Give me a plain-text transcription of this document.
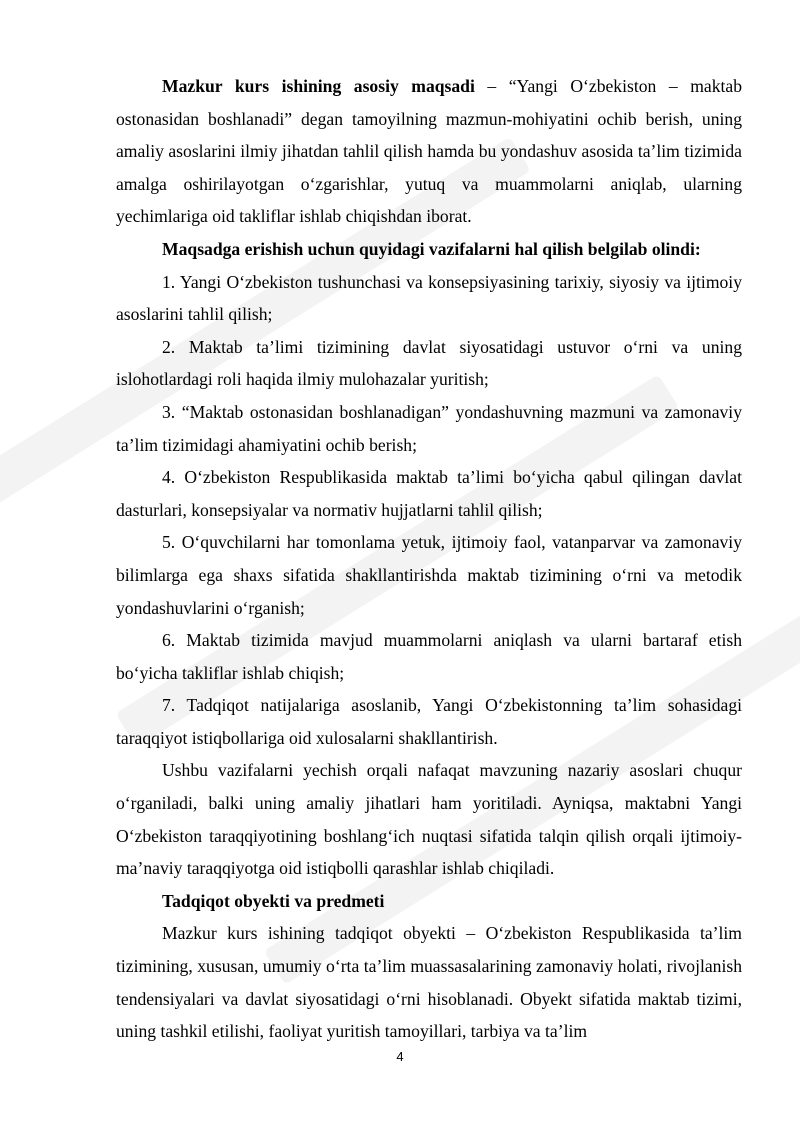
Mazkur kurs ishining asosiy maqsadi – “Yangi O‘zbekiston – maktab ostonasidan boshlanadi” degan tamoyilning mazmun-mohiyatini ochib berish, uning amaliy asoslarini ilmiy jihatdan tahlil qilish hamda bu yondashuv asosida ta’lim tizimida amalga oshirilayotgan o‘zgarishlar, yutuq va muammolarni aniqlab, ularning yechimlariga oid takliflar ishlab chiqishdan iborat.

Maqsadga erishish uchun quyidagi vazifalarni hal qilish belgilab olindi:

1. Yangi O‘zbekiston tushunchasi va konsepsiyasining tarixiy, siyosiy va ijtimoiy asoslarini tahlil qilish;

2. Maktab ta’limi tizimining davlat siyosatidagi ustuvor o‘rni va uning islohotlardagi roli haqida ilmiy mulohazalar yuritish;

3. “Maktab ostonasidan boshlanadigan” yondashuvning mazmuni va zamonaviy ta’lim tizimidagi ahamiyatini ochib berish;

4. O‘zbekiston Respublikasida maktab ta’limi bo‘yicha qabul qilingan davlat dasturlari, konsepsiyalar va normativ hujjatlarni tahlil qilish;

5. O‘quvchilarni har tomonlama yetuk, ijtimoiy faol, vatanparvar va zamonaviy bilimlarga ega shaxs sifatida shakllantirishda maktab tizimining o‘rni va metodik yondashuvlarini o‘rganish;

6. Maktab tizimida mavjud muammolarni aniqlash va ularni bartaraf etish bo‘yicha takliflar ishlab chiqish;

7. Tadqiqot natijalariga asoslanib, Yangi O‘zbekistonning ta’lim sohasidagi taraqqiyot istiqbollariga oid xulosalarni shakllantirish.

Ushbu vazifalarni yechish orqali nafaqat mavzuning nazariy asoslari chuqur o‘rganiladi, balki uning amaliy jihatlari ham yoritiladi. Ayniqsa, maktabni Yangi O‘zbekiston taraqqiyotining boshlang‘ich nuqtasi sifatida talqin qilish orqali ijtimoiy-ma’naviy taraqqiyotga oid istiqbolli qarashlar ishlab chiqiladi.

Tadqiqot obyekti va predmeti

Mazkur kurs ishining tadqiqot obyekti – O‘zbekiston Respublikasida ta’lim tizimining, xususan, umumiy o‘rta ta’lim muassasalarining zamonaviy holati, rivojlanish tendensiyalari va davlat siyosatidagi o‘rni hisoblanadi. Obyekt sifatida maktab tizimi, uning tashkil etilishi, faoliyat yuritish tamoyillari, tarbiya va ta’lim

4
